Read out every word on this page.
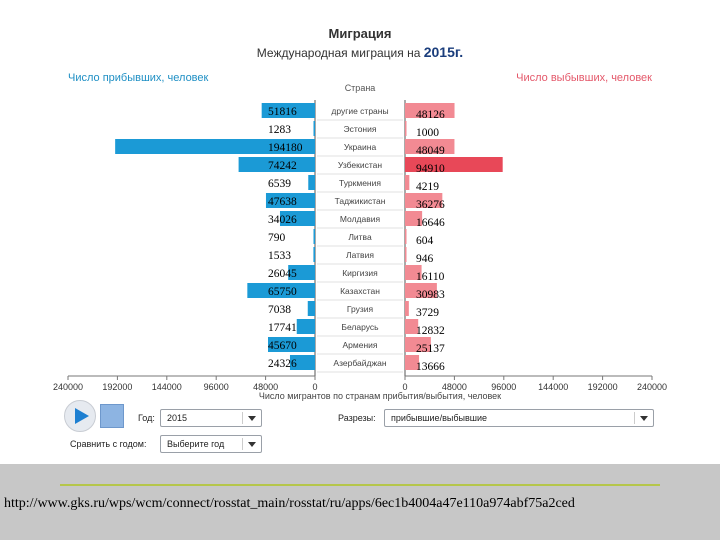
Миграция
Международная миграция на 2015г.
Число прибывших, человек	Число выбывших, человек
Страна
другие страны
51816	48126
Эстония
1283	1000
Украина
194180	48049
Узбекистан
74242	94910
Туркмения
6539	4219
Таджикистан
47638	36276
Молдавия
34026	16646
Литва
790	604
Латвия
1533	946
Киргизия
26045	16110
Казахстан
65750	30983
Грузия
7038	3729
Беларусь
17741	12832
Армения
45670	25137
Азербайджан
24326	13666
240000 192000 144000 96000	48000	0	0	48000	96000 144000 192000 240000
Число мигрантов по странам прибытия/выбытия, человек
Год:	2015
Сравнить с годом:	Выберите год
Разрезы:	прибывшие/выбывшие
http://www.gks.ru/wps/wcm/connect/rosstat_main/rosstat/ru/apps/6ec1b4004a47e110a974abf75a2ced
